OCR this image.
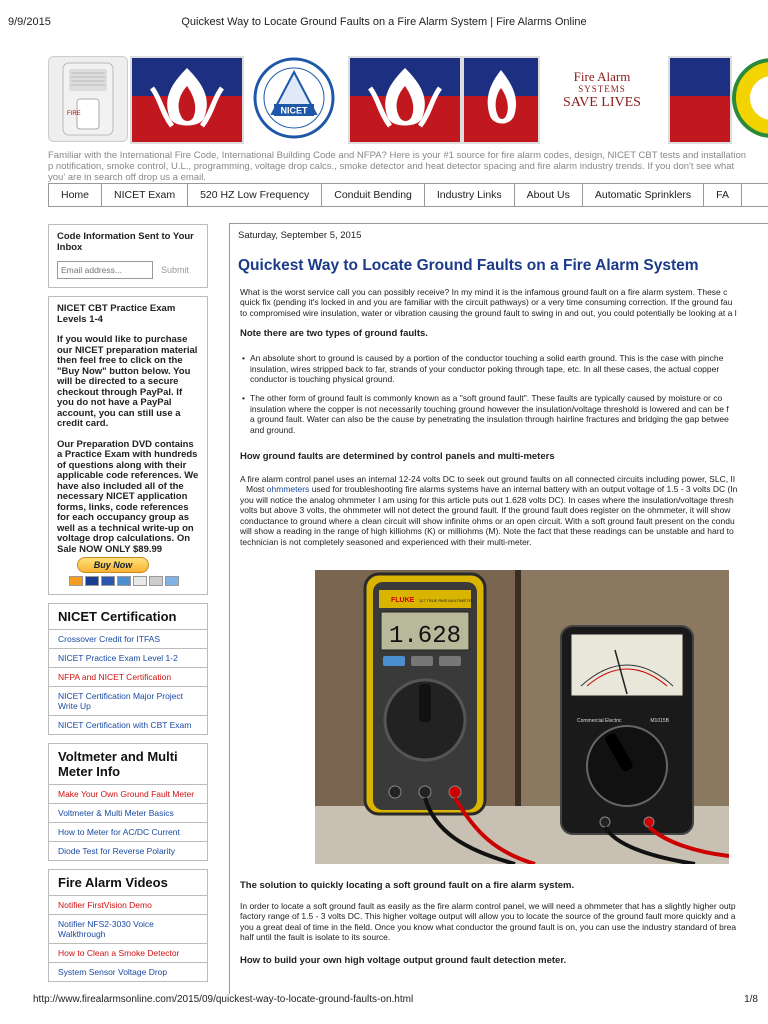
9/9/2015	Quickest Way to Locate Ground Faults on a Fire Alarm System | Fire Alarms Online
FIRE	NICET
Fire Alarm
SYSTEMS
SAVE LIVES
Familiar with the International Fire Code, International Building Code and NFPA? Here is your #1 source for fire alarm codes, design, NICET CBT tests and installation p notification, smoke control, U.L., programming, voltage drop calcs., smoke detector and heat detector spacing and fire alarm industry trends. If you don't see what you' are in search off drop us a email.
Home	NICET Exam	520 HZ Low Frequency	Conduit Bending	Industry Links	About Us	Automatic Sprinklers	FA
Code Information Sent to Your Inbox
Email address...
Submit
NICET CBT Practice Exam Levels 1-4

If you would like to purchase our NICET preparation material then feel free to click on the "Buy Now" button below. You will be directed to a secure checkout through PayPal. If you do not have a PayPal account, you can still use a credit card.

Our Preparation DVD contains a Practice Exam with hundreds of questions along with their applicable code references. We have also included all of the necessary NICET application forms, links, code references for each occupancy group as well as a technical write-up on voltage drop calculations. On Sale NOW ONLY $89.99

Buy Now
NICET Certification
Crossover Credit for ITFAS
NICET Practice Exam Level 1-2
NFPA and NICET Certification
NICET Certification Major Project Write Up
NICET Certification with CBT Exam
Voltmeter and Multi Meter Info
Make Your Own Ground Fault Meter
Voltmeter & Multi Meter Basics
How to Meter for AC/DC Current
Diode Test for Reverse Polarity
Fire Alarm Videos
Notifier FirstVision Demo
Notifier NFS2-3030 Voice Walkthrough
How to Clean a Smoke Detector
System Sensor Voltage Drop
Saturday, September 5, 2015
Quickest Way to Locate Ground Faults on a Fire Alarm System
What is the worst service call you can possibly receive? In my mind it is the infamous ground fault on a fire alarm system. These c
quick fix (pending it's locked in and you are familiar with the circuit pathways) or a very time consuming correction. If the ground fau
to compromised wire insulation, water or vibration causing the ground fault to swing in and out, you could potentially be looking at a l
Note there are two types of ground faults.
• An absolute short to ground is caused by a portion of the conductor touching a solid earth ground. This is the case with pinche
insulation, wires stripped back to far, strands of your conductor poking through tape, etc. In all these cases, the actual copper
conductor is touching physical ground.
• The other form of ground fault is commonly known as a "soft ground fault". These faults are typically caused by moisture or co
insulation where the copper is not necessarily touching ground however the insulation/voltage threshold is lowered and can be f
a ground fault. Water can also be the cause by penetrating the insulation through hairline fractures and bridging the gap betwee
and ground.
How ground faults are determined by control panels and multi-meters
A fire alarm control panel uses an internal 12-24 volts DC to seek out ground faults on all connected circuits including power, SLC, II
Most ohmmeters used for troubleshooting fire alarms systems have an internal battery with an output voltage of 1.5 - 3 volts DC (In
you will notice the analog ohmmeter I am using for this article puts out 1.628 volts DC). In cases where the insulation/voltage thresh
volts but above 3 volts, the ohmmeter will not detect the ground fault. If the ground fault does register on the ohmmeter, it will show
conductance to ground where a clean circuit will show infinite ohms or an open circuit. With a soft ground fault present on the condu
will show a reading in the range of high killiohms (K) or milliohms (M). Note the fact that these readings can be unstable and hard to
technician is not completely seasoned and experienced with their multi-meter.
FLUKE 117 TRUE RMS MULTIMETER
1.628
Commercial Electric	M1015B
The solution to quickly locating a soft ground fault on a fire alarm system.
In order to locate a soft ground fault as easily as the fire alarm control panel, we will need a ohmmeter that has a slightly higher outp
factory range of 1.5 - 3 volts DC. This higher voltage output will allow you to locate the source of the ground fault more quickly and a
you a great deal of time in the field. Once you know what conductor the ground fault is on, you can use the industry standard of brea
half until the fault is isolate to its source.
How to build your own high voltage output ground fault detection meter.
http://www.firealarmsonline.com/2015/09/quickest-way-to-locate-ground-faults-on.html	1/8
